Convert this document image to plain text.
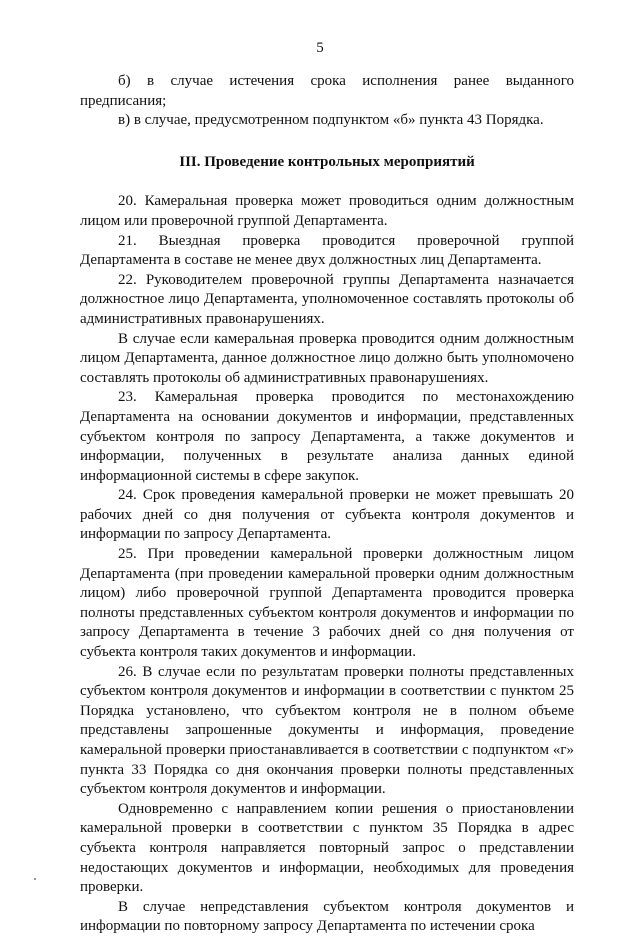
5

б) в случае истечения срока исполнения ранее выданного предписания;

в) в случае, предусмотренном подпунктом «б» пункта 43 Порядка.

III. Проведение контрольных мероприятий

20. Камеральная проверка может проводиться одним должностным лицом или проверочной группой Департамента.

21. Выездная проверка проводится проверочной группой Департамента в составе не менее двух должностных лиц Департамента.

22. Руководителем проверочной группы Департамента назначается должностное лицо Департамента, уполномоченное составлять протоколы об административных правонарушениях.

В случае если камеральная проверка проводится одним должностным лицом Департамента, данное должностное лицо должно быть уполномочено составлять протоколы об административных правонарушениях.

23. Камеральная проверка проводится по местонахождению Департамента на основании документов и информации, представленных субъектом контроля по запросу Департамента, а также документов и информации, полученных в результате анализа данных единой информационной системы в сфере закупок.

24. Срок проведения камеральной проверки не может превышать 20 рабочих дней со дня получения от субъекта контроля документов и информации по запросу Департамента.

25. При проведении камеральной проверки должностным лицом Департамента (при проведении камеральной проверки одним должностным лицом) либо проверочной группой Департамента проводится проверка полноты представленных субъектом контроля документов и информации по запросу Департамента в течение 3 рабочих дней со дня получения от субъекта контроля таких документов и информации.

26. В случае если по результатам проверки полноты представленных субъектом контроля документов и информации в соответствии с пунктом 25 Порядка установлено, что субъектом контроля не в полном объеме представлены запрошенные документы и информация, проведение камеральной проверки приостанавливается в соответствии с подпунктом «г» пункта 33 Порядка со дня окончания проверки полноты представленных субъектом контроля документов и информации.

Одновременно с направлением копии решения о приостановлении камеральной проверки в соответствии с пунктом 35 Порядка в адрес субъекта контроля направляется повторный запрос о представлении недостающих документов и информации, необходимых для проведения проверки.

В случае непредставления субъектом контроля документов и информации по повторному запросу Департамента по истечении срока
